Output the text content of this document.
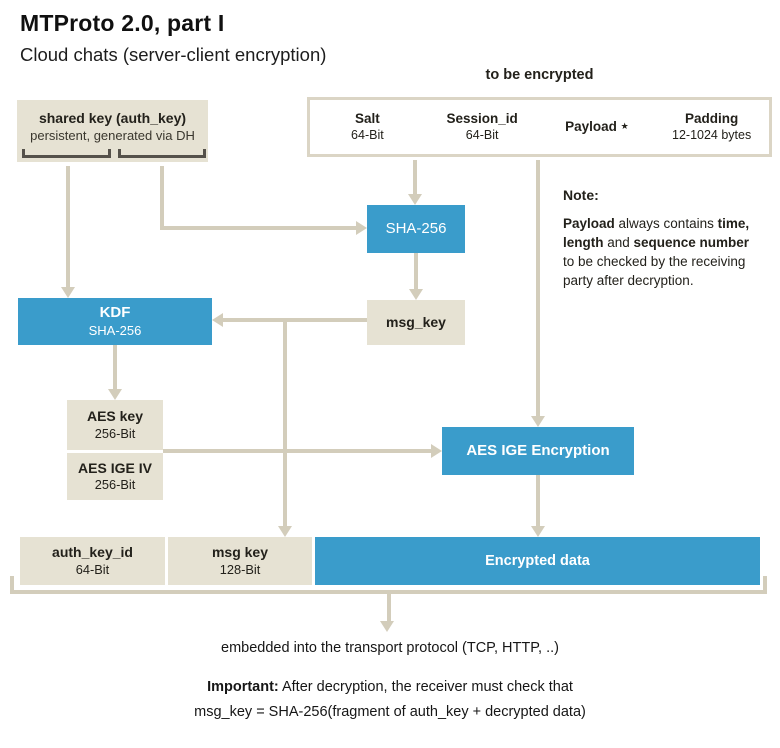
MTProto 2.0, part I
Cloud chats (server-client encryption)
to be encrypted
Salt
64-Bit
Session_id
64-Bit
Payload ★	Padding
12-1024 bytes
shared key (auth_key)
persistent, generated via DH
SHA-256
KDF
SHA-256
msg_key
AES key
256-Bit
AES IGE IV
256-Bit
AES IGE Encryption
Note:
Payload always contains time,
length and sequence number
to be checked by the receiving
party after decryption.
auth_key_id
64-Bit
msg key
128-Bit
Encrypted data
embedded into the transport protocol (TCP, HTTP, ..)
Important: After decryption, the receiver must check that
msg_key = SHA-256(fragment of auth_key + decrypted data)
